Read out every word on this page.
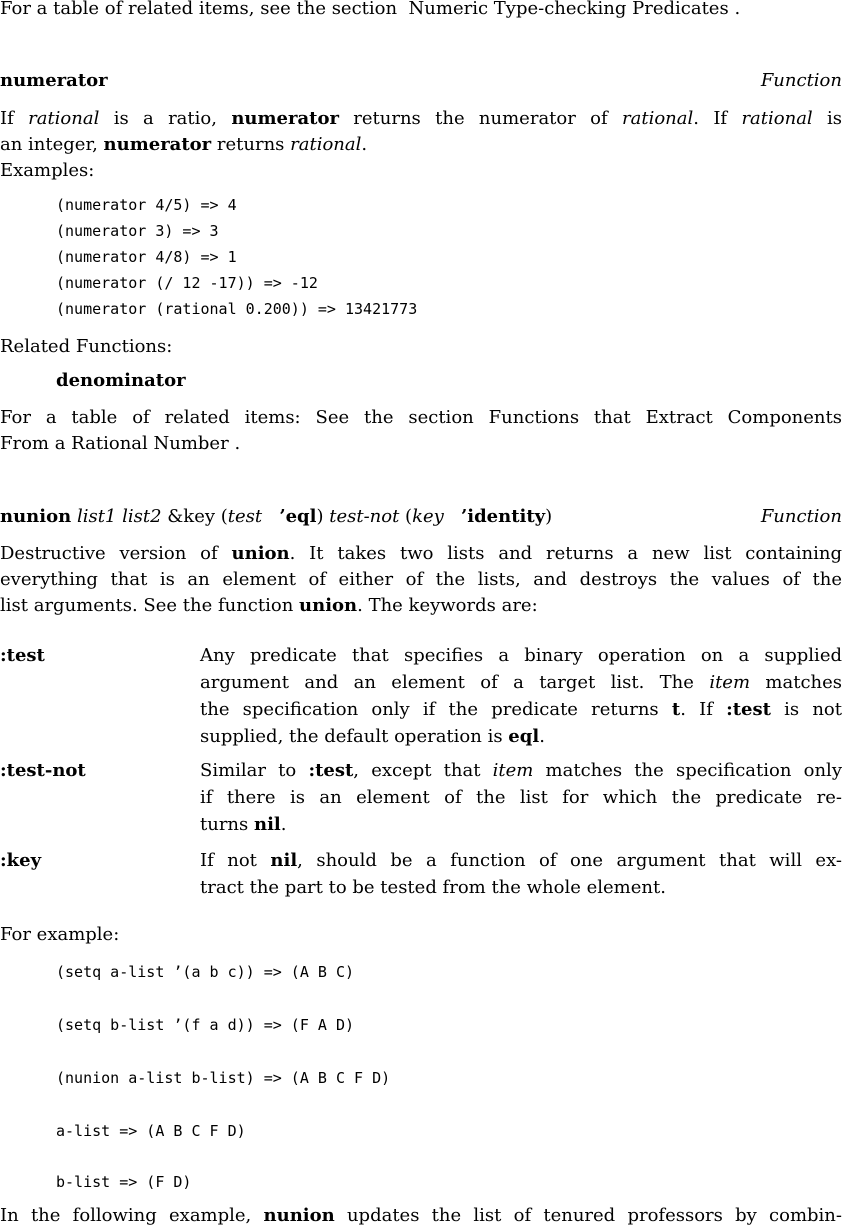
For a table of related items, see the section Numeric Type-checking Predicates .
numerator	Function
If rational is a ratio, numerator returns the numerator of rational. If rational is
an integer, numerator returns rational.
Examples:
(numerator 4/5) => 4
(numerator 3) => 3
(numerator 4/8) => 1
(numerator (/ 12 -17)) => -12
(numerator (rational 0.200)) => 13421773
Related Functions:
denominator
For a table of related items: See the section Functions that Extract Components
From a Rational Number .
nunion list1 list2 &key (test ’eql) test-not (key ’identity)	Function
Destructive version of union. It takes two lists and returns a new list containing
everything that is an element of either of the lists, and destroys the values of the
list arguments. See the function union. The keywords are:
:test	Any predicate that specifies a binary operation on a supplied
argument and an element of a target list. The item matches
the specification only if the predicate returns t. If :test is not
supplied, the default operation is eql.
:test-not	Similar to :test, except that item matches the specification only
if there is an element of the list for which the predicate re-
turns nil.
:key	If not nil, should be a function of one argument that will ex-
tract the part to be tested from the whole element.
For example:
(setq a-list ’(a b c)) => (A B C)
(setq b-list ’(f a d)) => (F A D)
(nunion a-list b-list) => (A B C F D)
a-list => (A B C F D)
b-list => (F D)
In the following example, nunion updates the list of tenured professors by combin-
